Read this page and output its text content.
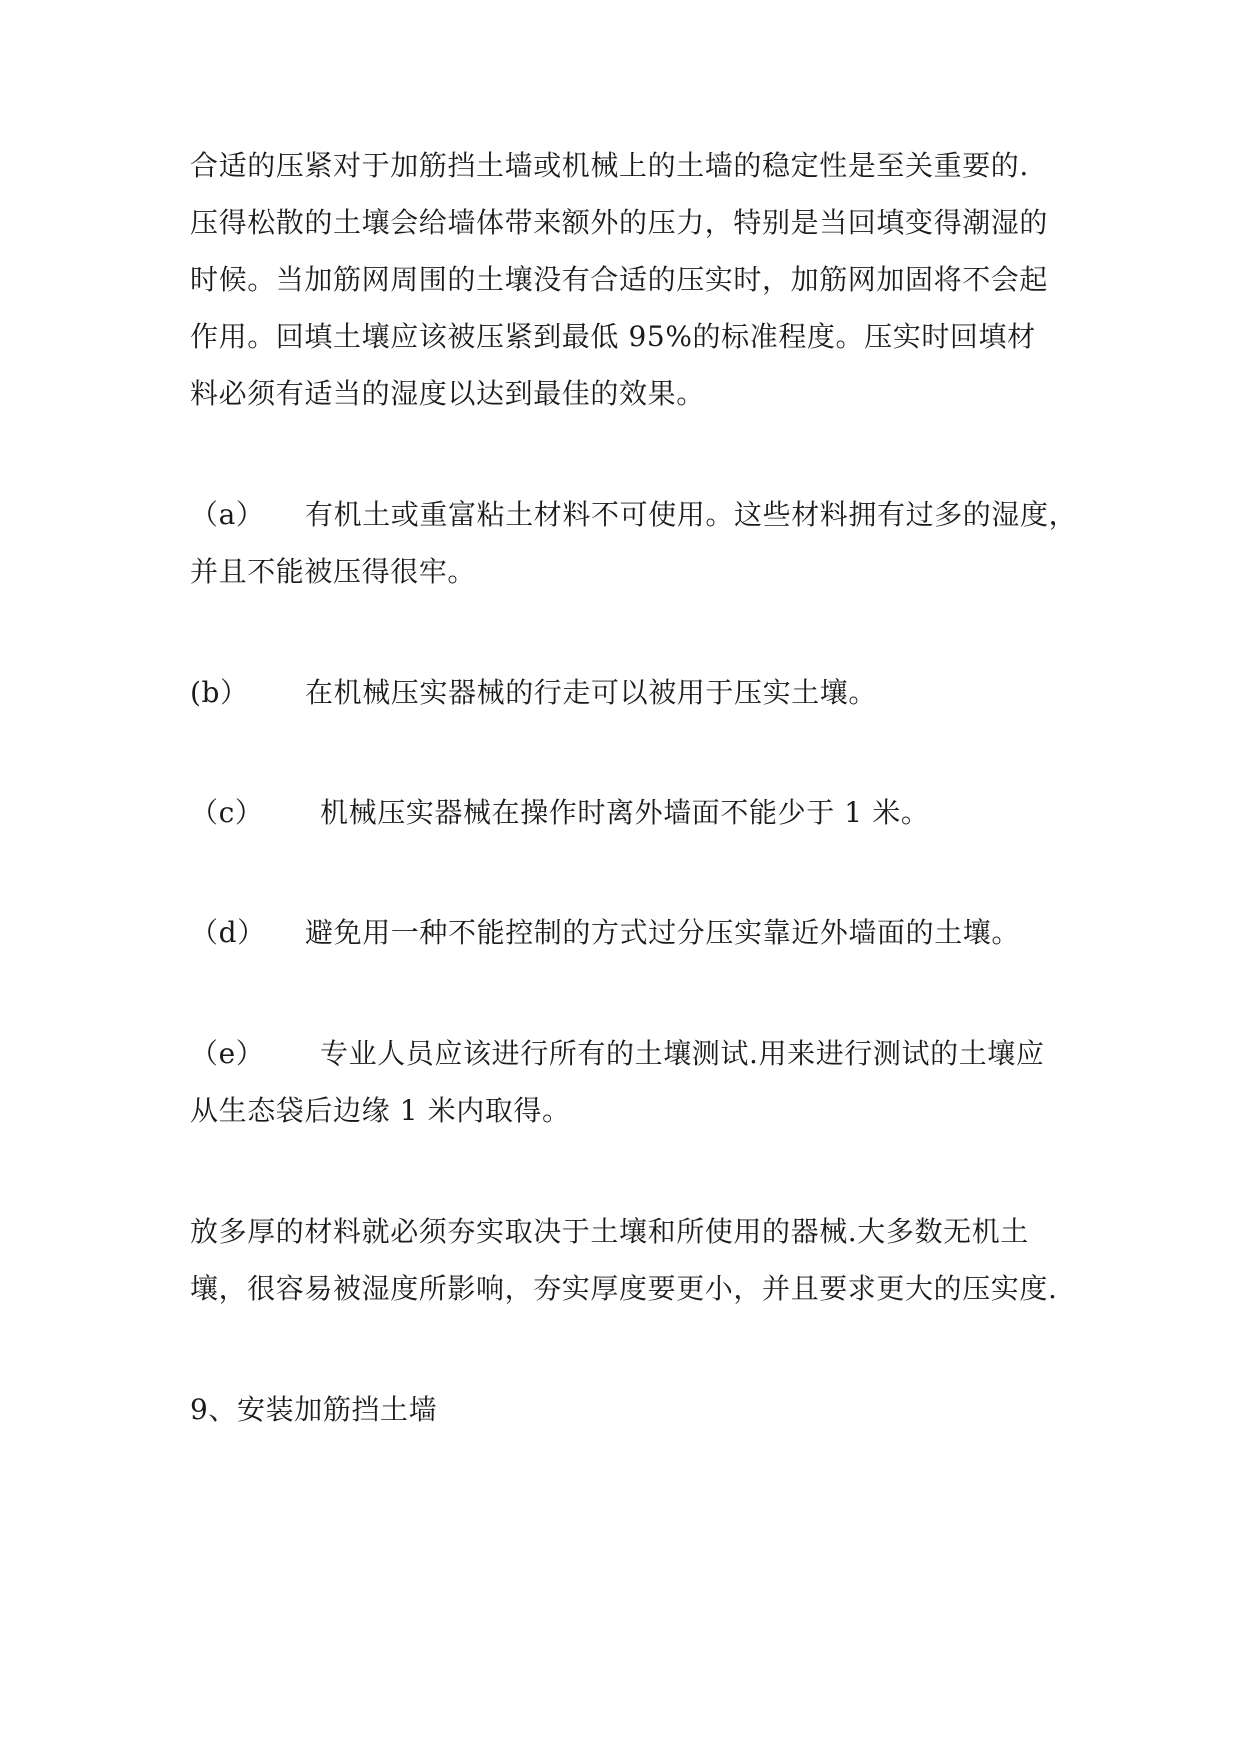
合适的压紧对于加筋挡土墙或机械上的土墙的稳定性是至关重要的.
压得松散的土壤会给墙体带来额外的压力，特别是当回填变得潮湿的
时候。当加筋网周围的土壤没有合适的压实时，加筋网加固将不会起
作用。回填土壤应该被压紧到最低 95%的标准程度。压实时回填材
料必须有适当的湿度以达到最佳的效果。
（a） 有机土或重富粘土材料不可使用。这些材料拥有过多的湿度，
并且不能被压得很牢。
(b） 在机械压实器械的行走可以被用于压实土壤。
（c） 机械压实器械在操作时离外墙面不能少于 1 米。
（d） 避免用一种不能控制的方式过分压实靠近外墙面的土壤。
（e） 专业人员应该进行所有的土壤测试.用来进行测试的土壤应
从生态袋后边缘 1 米内取得。
放多厚的材料就必须夯实取决于土壤和所使用的器械.大多数无机土
壤，很容易被湿度所影响，夯实厚度要更小，并且要求更大的压实度.
9、安装加筋挡土墙
